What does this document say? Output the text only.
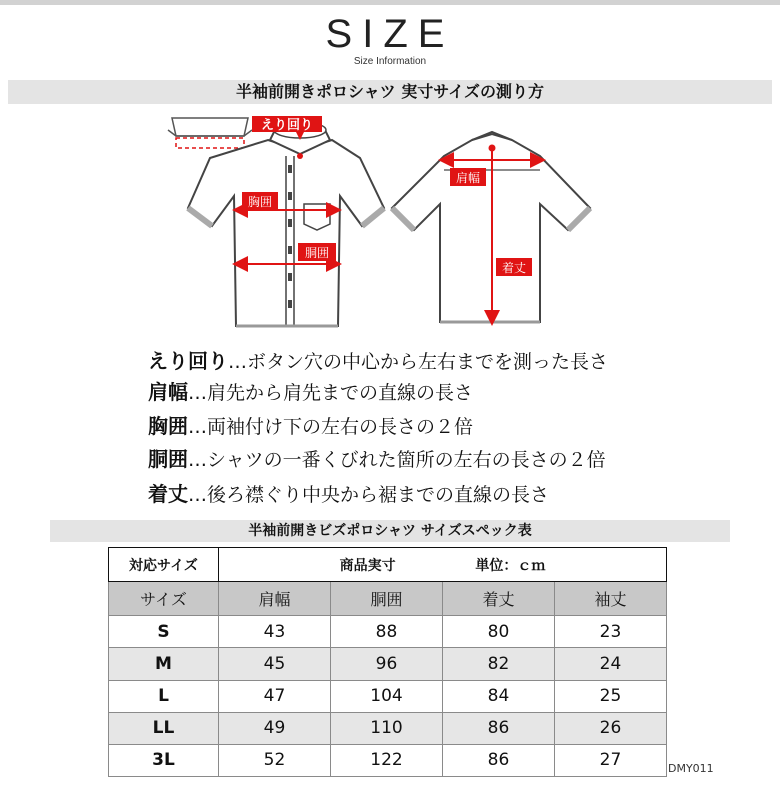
SIZE
Size Information
半袖前開きポロシャツ 実寸サイズの測り方
えり回り
胸囲
胴囲
肩幅
着丈
えり回り…ボタン穴の中心から左右までを測った長さ
肩幅…肩先から肩先までの直線の長さ
胸囲…両袖付け下の左右の長さの２倍
胴囲…シャツの一番くびれた箇所の左右の長さの２倍
着丈…後ろ襟ぐり中央から裾までの直線の長さ
半袖前開きビズポロシャツ サイズスペック表
対応サイズ	商品実寸 単位：ｃｍ			
サイズ	肩幅	胴囲	着丈	袖丈
S	43	88	80	23
M	45	96	82	24
L	47	104	84	25
LL	49	110	86	26
3L	52	122	86	27	DMY011
